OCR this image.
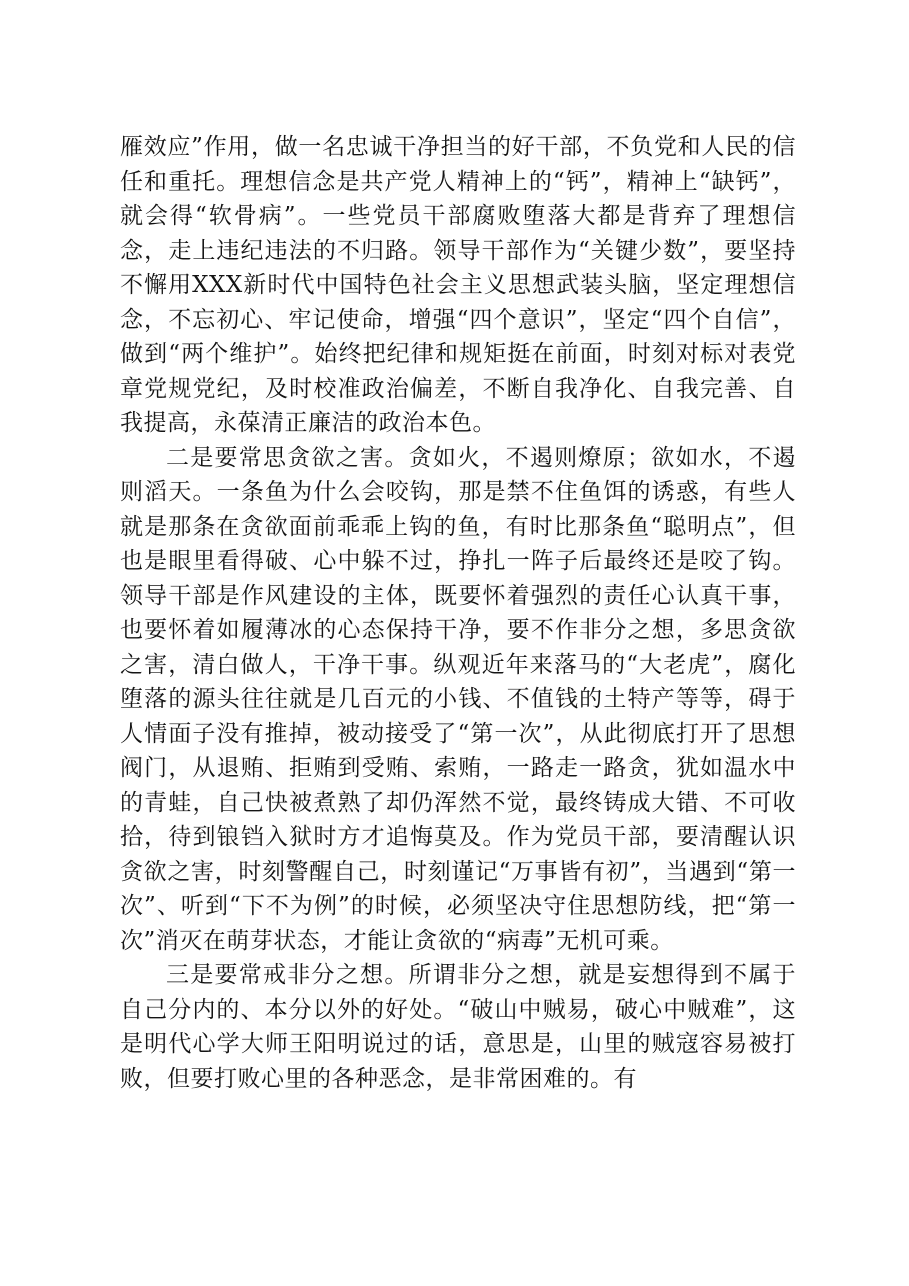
雁效应”作用，做一名忠诚干净担当的好干部，不负党和人民的信任和重托。理想信念是共产党人精神上的“钙”，精神上“缺钙”，就会得“软骨病”。一些党员干部腐败堕落大都是背弃了理想信念，走上违纪违法的不归路。领导干部作为“关键少数”，要坚持不懈用XXX新时代中国特色社会主义思想武装头脑，坚定理想信念，不忘初心、牢记使命，增强“四个意识”，坚定“四个自信”，做到“两个维护”。始终把纪律和规矩挺在前面，时刻对标对表党章党规党纪，及时校准政治偏差，不断自我净化、自我完善、自我提高，永葆清正廉洁的政治本色。

二是要常思贪欲之害。贪如火，不遏则燎原；欲如水，不遏则滔天。一条鱼为什么会咬钩，那是禁不住鱼饵的诱惑，有些人就是那条在贪欲面前乖乖上钩的鱼，有时比那条鱼“聪明点”，但也是眼里看得破、心中躲不过，挣扎一阵子后最终还是咬了钩。领导干部是作风建设的主体，既要怀着强烈的责任心认真干事，也要怀着如履薄冰的心态保持干净，要不作非分之想，多思贪欲之害，清白做人，干净干事。纵观近年来落马的“大老虎”，腐化堕落的源头往往就是几百元的小钱、不值钱的土特产等等，碍于人情面子没有推掉，被动接受了“第一次”，从此彻底打开了思想阀门，从退贿、拒贿到受贿、索贿，一路走一路贪，犹如温水中的青蛙，自己快被煮熟了却仍浑然不觉，最终铸成大错、不可收拾，待到锒铛入狱时方才追悔莫及。作为党员干部，要清醒认识贪欲之害，时刻警醒自己，时刻谨记“万事皆有初”，当遇到“第一次”、听到“下不为例”的时候，必须坚决守住思想防线，把“第一次”消灭在萌芽状态，才能让贪欲的“病毒”无机可乘。

三是要常戒非分之想。所谓非分之想，就是妄想得到不属于自己分内的、本分以外的好处。“破山中贼易，破心中贼难”，这是明代心学大师王阳明说过的话，意思是，山里的贼寇容易被打败，但要打败心里的各种恶念，是非常困难的。有
